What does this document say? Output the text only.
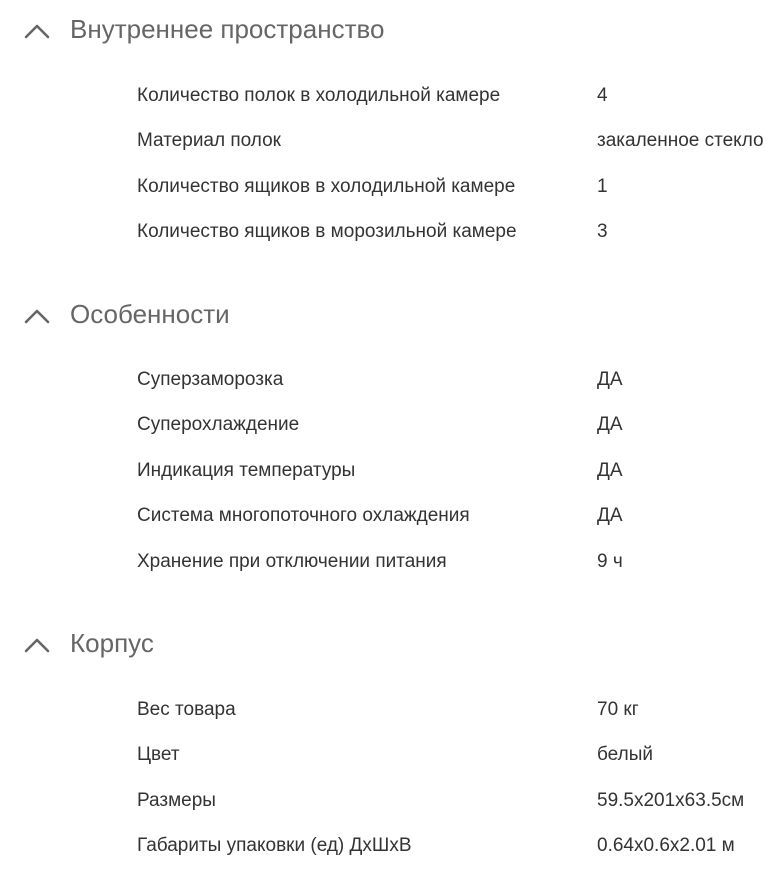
Внутреннее пространство
Количество полок в холодильной камере	4
Материал полок	закаленное стекло
Количество ящиков в холодильной камере	1
Количество ящиков в морозильной камере	3
Особенности
Суперзаморозка	ДА
Суперохлаждение	ДА
Индикация температуры	ДА
Система многопоточного охлаждения	ДА
Хранение при отключении питания	9 ч
Корпус
Вес товара	70 кг
Цвет	белый
Размеры	59.5x201x63.5см
Габариты упаковки (ед) ДхШхВ	0.64x0.6x2.01 м
